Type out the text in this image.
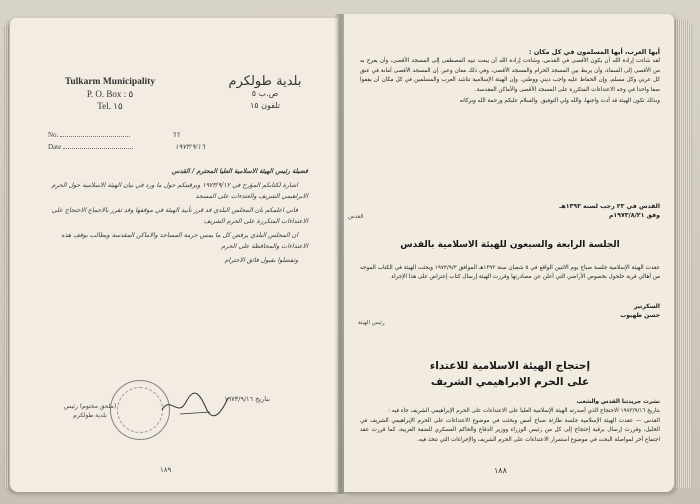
Tulkarm Municipality
P. O. Box : ٥
Tel. ١٥
بلدية طولكرم
ص.ب ٥
تلفون ١٥
No.	٦٦
Date	١٩٧٣/٩/١٦

فضيلة رئيس الهيئة الاسلامية العليا المحترم / القدس

اشارة لكتابكم المؤرخ في ١٩٧٣/٩/١٢ وبرقيتكم حول ما ورد في بيان الهيئة الاسلامية حول الحرم الابراهيمي الشريف والعتدءات على المسجد

فاني اعلمكم بان المجلس البلدي قد قرر تأييد الهيئة في موقفها وقد تقرر بالاجماع الاحتجاج على الاعتداءات المتكررة على الحرم الشريف

ان المجلس البلدي يرفض كل ما يمس حرمة المساجد والاماكن المقدسة ويطالب بوقف هذه الاعتداءات والمحافظة على الحرم

وتفضلوا بقبول فائق الاحترام

(ملحق مختوم) رئيس بلدية طولكرم
بتاريخ ١٩٧٣/٩/١٦
١٨٩

أيها العرب، أيها المسلمون في كل مكان :

لقد شاءت إرادة الله أن يكون الأقصى في القدس، وشاءت إرادة الله أن يبعث نبيه المصطفى إلى المسجد الأقصى، وأن يعرج به من الأقصى إلى السماء، وأن يربط بين المسجد الحرام والمسجد الأقصى، وفي ذلك معان وعبر. إن المسجد الأقصى أمانة في عنق كل عربي وكل مسلم، وإن الحفاظ عليه واجب ديني ووطني. وإن الهيئة الإسلامية تناشد العرب والمسلمين في كل مكان أن يقفوا صفا واحدا في وجه الاعتداءات المتكررة على المسجد الأقصى والأماكن المقدسة.

وبذلك تكون الهيئة قد أدت واجبها، والله ولي التوفيق. والسلام عليكم ورحمة الله وبركاته

القدس في ٢٣ رجب لسنة ١٣٩٣هـ

وفق ١٩٧٣/٨/٢١م

الجلسة الرابعة والسبعون للهيئة الاسلامية بالقدس
عقدت الهيئة الإسلامية جلسة صباح يوم الاثنين الواقع في ٥ شعبان سنة ١٣٩٣هـ الموافق ١٩٧٣/٩/٣ وبحثت الهيئة في الكتاب الموجه من أهالي قرية حلحول بخصوص الأراضي التي أعلن عن مصادرتها وقررت الهيئة إرسال كتاب إعتراض على هذا الإجراء.

السكرتير

حسن طهبوب

رئيس الهيئة
إحتجاج الهيئة الاسلامية للاعتداء
على الحرم الابراهيمي الشريف

نشرت جريدتنا القدس والشعب

بتاريخ ١٩٧٣/٩/١٦ الاحتجاج الذي أصدرته الهيئة الإسلامية العليا على الاعتداءات على الحرم الإبراهيمي الشريف جاء فيه :

القدس — عقدت الهيئة الإسلامية جلسة طارئة صباح أمس وبحثت في موضوع الاعتداءات على الحرم الإبراهيمي الشريف في الخليل، وقررت إرسال برقية إحتجاج إلى كل من رئيس الوزراء ووزير الدفاع والحاكم العسكري للضفة الغربية، كما قررت عقد اجتماع آخر لمواصلة البحث في موضوع استمرار الاعتداءات على الحرم الشريف والإجراءات التي تتخذ فيه.

القدس
١٨٨
